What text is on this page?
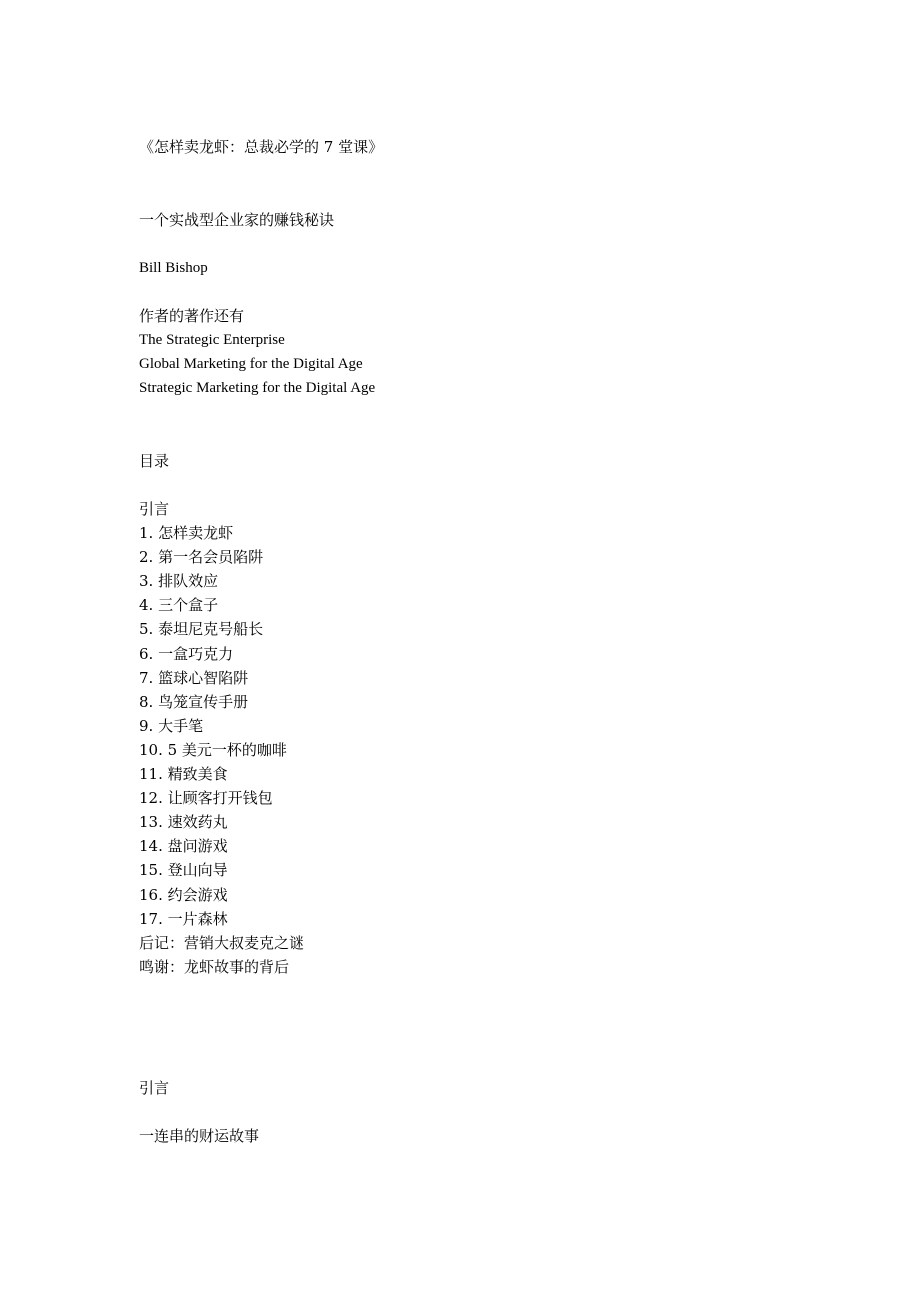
《怎样卖龙虾：总裁必学的 7 堂课》
一个实战型企业家的赚钱秘诀
Bill Bishop
作者的著作还有
The Strategic Enterprise
Global Marketing for the Digital Age
Strategic Marketing for the Digital Age
目录
引言
1. 怎样卖龙虾
2. 第一名会员陷阱
3. 排队效应
4. 三个盒子
5. 泰坦尼克号船长
6. 一盒巧克力
7. 篮球心智陷阱
8. 鸟笼宣传手册
9. 大手笔
10. 5 美元一杯的咖啡
11. 精致美食
12. 让顾客打开钱包
13. 速效药丸
14. 盘问游戏
15. 登山向导
16. 约会游戏
17. 一片森林
后记：营销大叔麦克之谜
鸣谢：龙虾故事的背后
引言
一连串的财运故事
